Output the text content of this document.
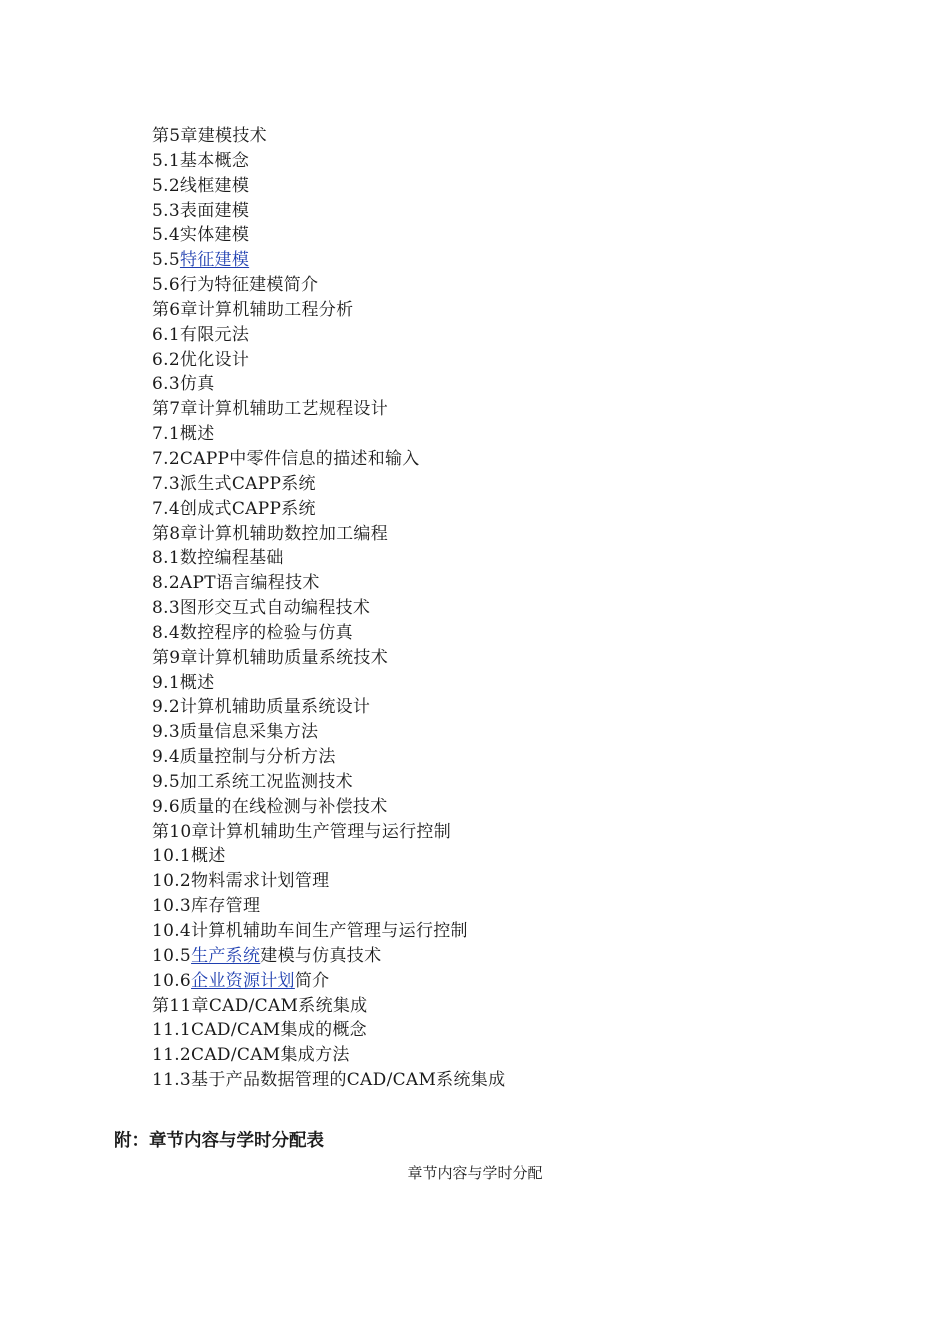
第5章建模技术
5.1基本概念
5.2线框建模
5.3表面建模
5.4实体建模
5.5特征建模
5.6行为特征建模简介
第6章计算机辅助工程分析
6.1有限元法
6.2优化设计
6.3仿真
第7章计算机辅助工艺规程设计
7.1概述
7.2CAPP中零件信息的描述和输入
7.3派生式CAPP系统
7.4创成式CAPP系统
第8章计算机辅助数控加工编程
8.1数控编程基础
8.2APT语言编程技术
8.3图形交互式自动编程技术
8.4数控程序的检验与仿真
第9章计算机辅助质量系统技术
9.1概述
9.2计算机辅助质量系统设计
9.3质量信息采集方法
9.4质量控制与分析方法
9.5加工系统工况监测技术
9.6质量的在线检测与补偿技术
第10章计算机辅助生产管理与运行控制
10.1概述
10.2物料需求计划管理
10.3库存管理
10.4计算机辅助车间生产管理与运行控制
10.5生产系统建模与仿真技术
10.6企业资源计划简介
第11章CAD/CAM系统集成
11.1CAD/CAM集成的概念
11.2CAD/CAM集成方法
11.3基于产品数据管理的CAD/CAM系统集成
附：章节内容与学时分配表

章节内容与学时分配
